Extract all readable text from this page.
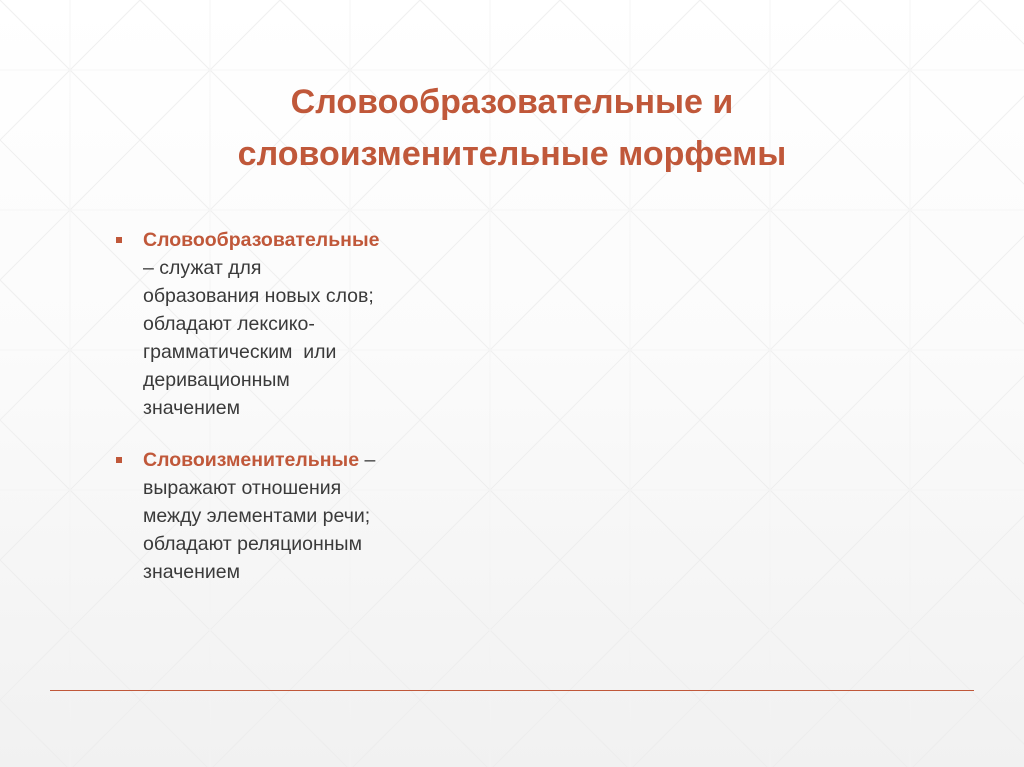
Словообразовательные и
словоизменительные морфемы
Словообразовательные
– служат для
образования новых слов;
обладают лексико-
грамматическим  или
деривационным
значением
Словоизменительные –
выражают отношения
между элементами речи;
обладают реляционным
значением
